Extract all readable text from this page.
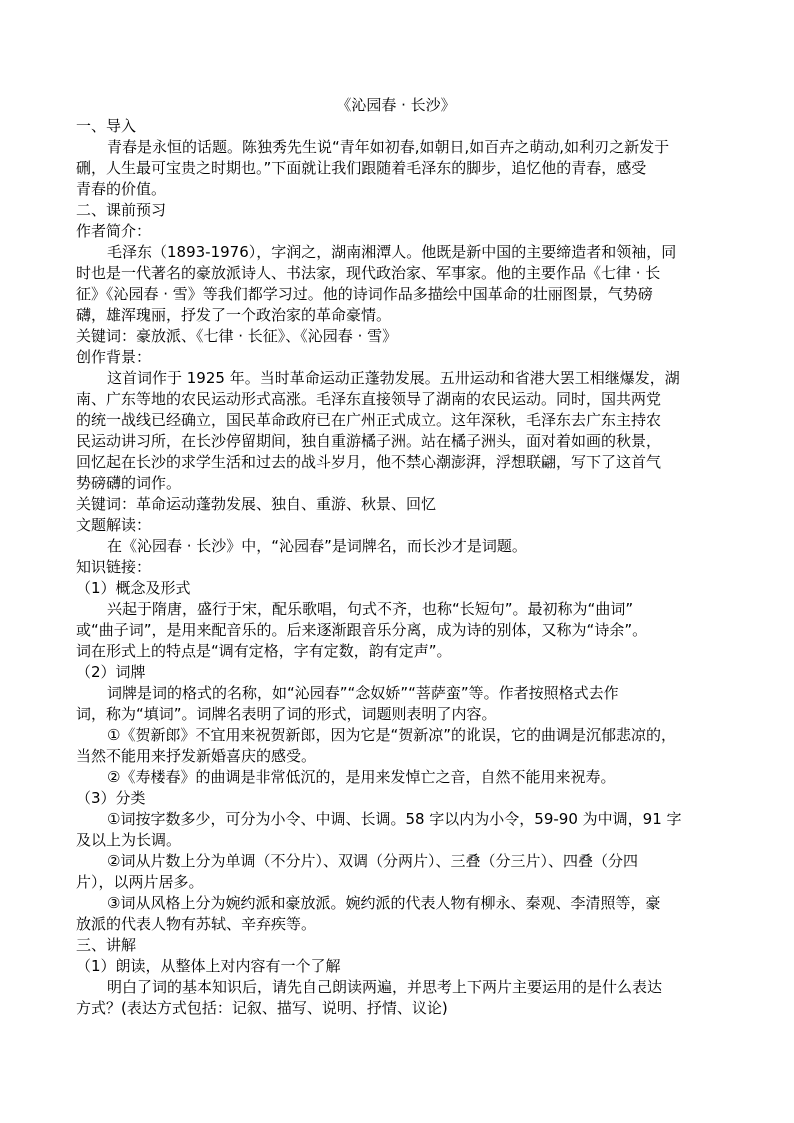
《沁园春 · 长沙》
一、导入
青春是永恒的话题。陈独秀先生说“青年如初春,如朝日,如百卉之萌动,如利刃之新发于
硎，人生最可宝贵之时期也。”下面就让我们跟随着毛泽东的脚步，追忆他的青春，感受
青春的价值。
二、课前预习
作者简介：
毛泽东（1893-1976），字润之，湖南湘潭人。他既是新中国的主要缔造者和领袖，同
时也是一代著名的豪放派诗人、书法家，现代政治家、军事家。他的主要作品《七律 · 长
征》《沁园春 · 雪》等我们都学习过。他的诗词作品多描绘中国革命的壮丽图景，气势磅
礴，雄浑瑰丽，抒发了一个政治家的革命豪情。
关键词：豪放派、《七律 · 长征》、《沁园春 · 雪》
创作背景：
这首词作于 1925 年。当时革命运动正蓬勃发展。五卅运动和省港大罢工相继爆发，湖
南、广东等地的农民运动形式高涨。毛泽东直接领导了湖南的农民运动。同时，国共两党
的统一战线已经确立，国民革命政府已在广州正式成立。这年深秋，毛泽东去广东主持农
民运动讲习所，在长沙停留期间，独自重游橘子洲。站在橘子洲头，面对着如画的秋景，
回忆起在长沙的求学生活和过去的战斗岁月，他不禁心潮澎湃，浮想联翩，写下了这首气
势磅礴的词作。
关键词：革命运动蓬勃发展、独自、重游、秋景、回忆
文题解读：
在《沁园春 · 长沙》中，“沁园春”是词牌名，而长沙才是词题。
知识链接：
（1）概念及形式
兴起于隋唐，盛行于宋，配乐歌唱，句式不齐，也称“长短句”。最初称为“曲词”
或“曲子词”，是用来配音乐的。后来逐渐跟音乐分离，成为诗的别体，又称为“诗余”。
词在形式上的特点是“调有定格，字有定数，韵有定声”。
（2）词牌
词牌是词的格式的名称，如“沁园春”“念奴娇”“菩萨蛮”等。作者按照格式去作
词，称为“填词”。词牌名表明了词的形式，词题则表明了内容。
①《贺新郎》不宜用来祝贺新郎，因为它是“贺新凉”的讹误，它的曲调是沉郁悲凉的，
当然不能用来抒发新婚喜庆的感受。
②《寿楼春》的曲调是非常低沉的，是用来发悼亡之音，自然不能用来祝寿。
（3）分类
①词按字数多少，可分为小令、中调、长调。58 字以内为小令，59-90 为中调，91 字
及以上为长调。
②词从片数上分为单调（不分片）、双调（分两片）、三叠（分三片）、四叠（分四
片），以两片居多。
③词从风格上分为婉约派和豪放派。婉约派的代表人物有柳永、秦观、李清照等，豪
放派的代表人物有苏轼、辛弃疾等。
三、讲解
（1）朗读，从整体上对内容有一个了解
明白了词的基本知识后，请先自己朗读两遍，并思考上下两片主要运用的是什么表达
方式？(表达方式包括：记叙、描写、说明、抒情、议论)
